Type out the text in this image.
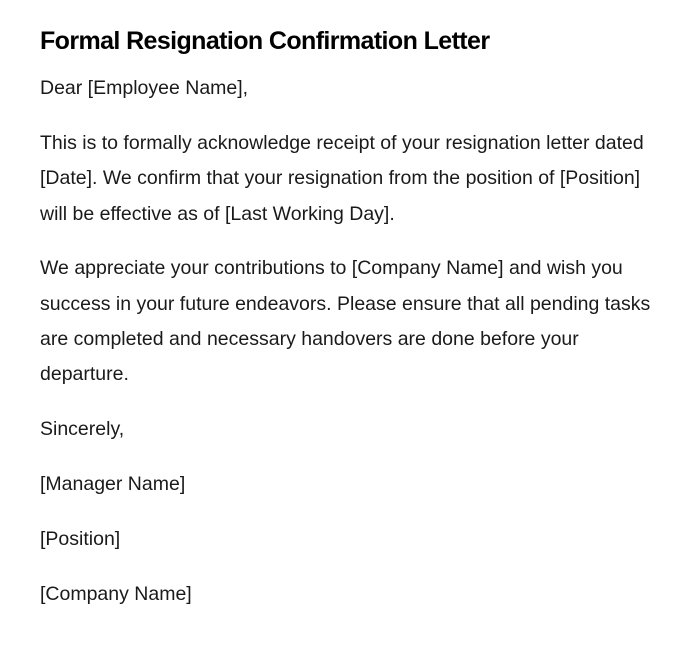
Formal Resignation Confirmation Letter

Dear [Employee Name],

This is to formally acknowledge receipt of your resignation letter dated [Date]. We confirm that your resignation from the position of [Position] will be effective as of [Last Working Day].

We appreciate your contributions to [Company Name] and wish you success in your future endeavors. Please ensure that all pending tasks are completed and necessary handovers are done before your departure.

Sincerely,

[Manager Name]

[Position]

[Company Name]
